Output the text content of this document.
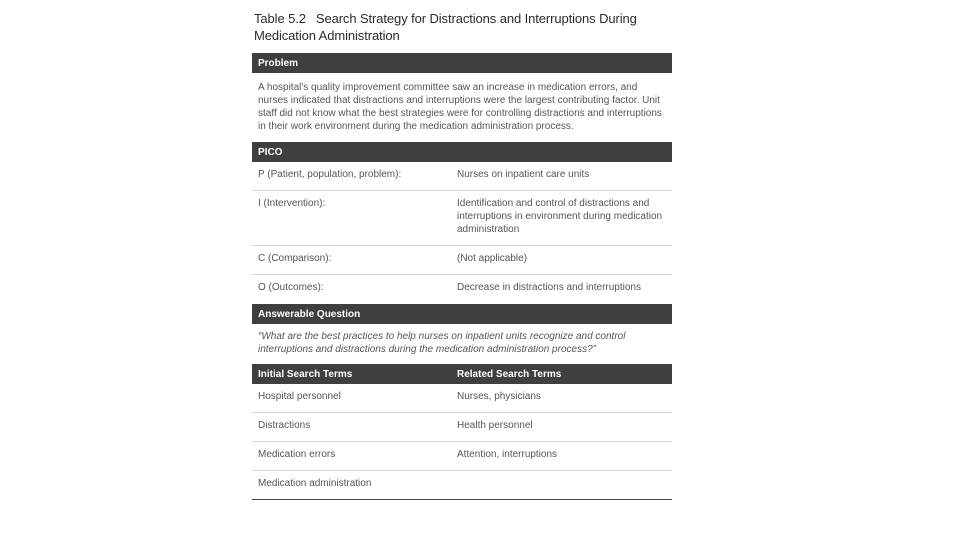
Table 5.2 Search Strategy for Distractions and Interruptions During
Medication Administration
Problem
A hospital's quality improvement committee saw an increase in medication errors, and nurses indicated that distractions and interruptions were the largest contributing factor. Unit staff did not know what the best strategies were for controlling distractions and interruptions in their work environment during the medication administration process.
PICO
P (Patient, population, problem):	Nurses on inpatient care units
I (Intervention):	Identification and control of distractions and interruptions in environment during medication administration
C (Comparison):	(Not applicable)
O (Outcomes):	Decrease in distractions and interruptions
Answerable Question
“What are the best practices to help nurses on inpatient units recognize and control interruptions and distractions during the medication administration process?”
Initial Search Terms	Related Search Terms
Hospital personnel	Nurses, physicians
Distractions	Health personnel
Medication errors	Attention, interruptions
Medication administration
